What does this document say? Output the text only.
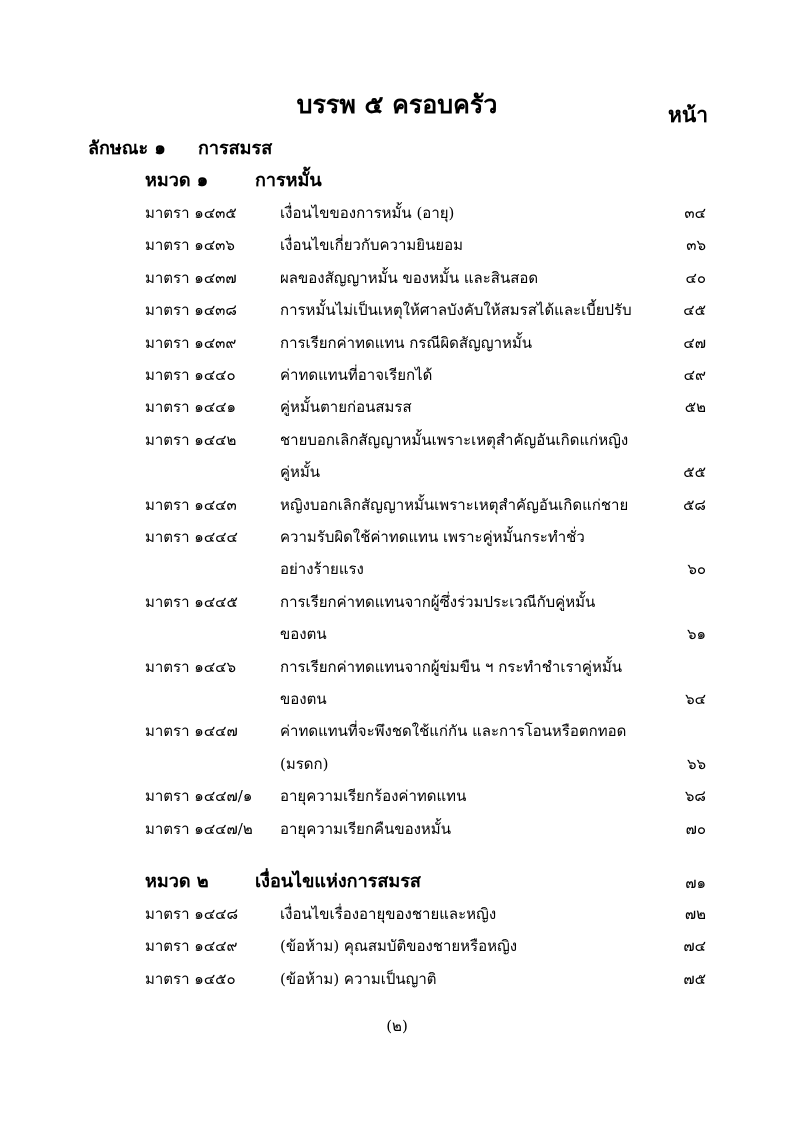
บรรพ ๕ ครอบครัว	หน้า
ลักษณะ ๑ การสมรส
หมวด ๑	การหมั้น
มาตรา ๑๔๓๕	เงื่อนไขของการหมั้น (อายุ)	๓๔
มาตรา ๑๔๓๖	เงื่อนไขเกี่ยวกับความยินยอม	๓๖
มาตรา ๑๔๓๗	ผลของสัญญาหมั้น ของหมั้น และสินสอด	๔๐
มาตรา ๑๔๓๘	การหมั้นไม่เป็นเหตุให้ศาลบังคับให้สมรสได้และเบี้ยปรับ	๔๕
มาตรา ๑๔๓๙	การเรียกค่าทดแทน กรณีผิดสัญญาหมั้น	๔๗
มาตรา ๑๔๔๐	ค่าทดแทนที่อาจเรียกได้	๔๙
มาตรา ๑๔๔๑	คู่หมั้นตายก่อนสมรส	๕๒
มาตรา ๑๔๔๒	ชายบอกเลิกสัญญาหมั้นเพราะเหตุสำคัญอันเกิดแก่หญิง
คู่หมั้น	๕๕
มาตรา ๑๔๔๓	หญิงบอกเลิกสัญญาหมั้นเพราะเหตุสำคัญอันเกิดแก่ชาย	๕๘
มาตรา ๑๔๔๔	ความรับผิดใช้ค่าทดแทน เพราะคู่หมั้นกระทำชั่ว
อย่างร้ายแรง	๖๐
มาตรา ๑๔๔๕	การเรียกค่าทดแทนจากผู้ซึ่งร่วมประเวณีกับคู่หมั้น
ของตน	๖๑
มาตรา ๑๔๔๖	การเรียกค่าทดแทนจากผู้ข่มขืน ฯ กระทำชำเราคู่หมั้น
ของตน	๖๔
มาตรา ๑๔๔๗	ค่าทดแทนที่จะพึงชดใช้แก่กัน และการโอนหรือตกทอด
(มรดก)	๖๖
มาตรา ๑๔๔๗/๑ อายุความเรียกร้องค่าทดแทน	๖๘
มาตรา ๑๔๔๗/๒ อายุความเรียกคืนของหมั้น	๗๐
หมวด ๒	เงื่อนไขแห่งการสมรส	๗๑
มาตรา ๑๔๔๘	เงื่อนไขเรื่องอายุของชายและหญิง	๗๒
มาตรา ๑๔๔๙	(ข้อห้าม) คุณสมบัติของชายหรือหญิง	๗๔
มาตรา ๑๔๕๐	(ข้อห้าม) ความเป็นญาติ	๗๕
(๒)
